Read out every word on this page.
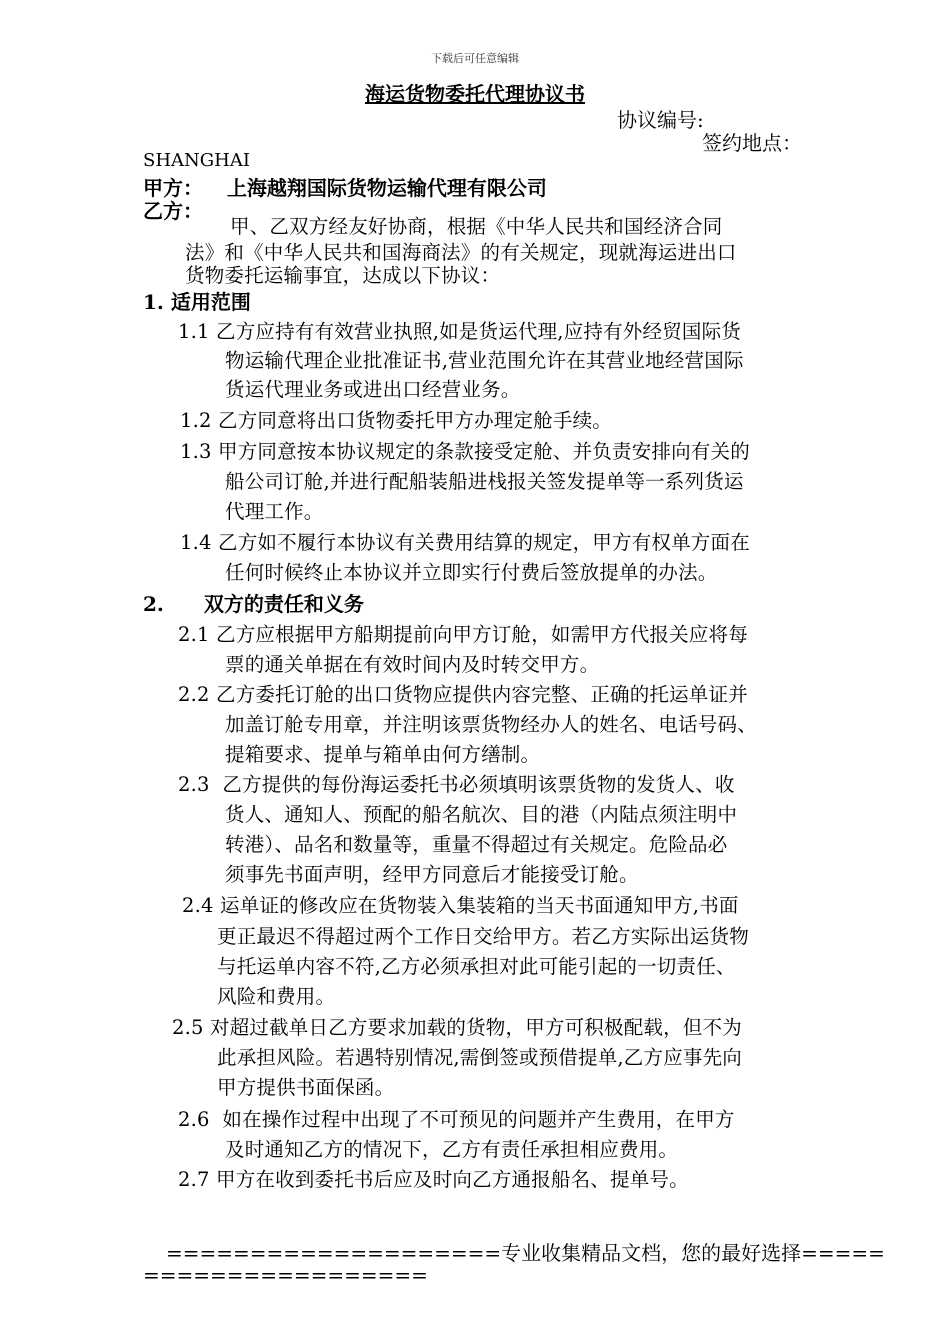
下载后可任意编辑
海运货物委托代理协议书
协议编号:
签约地点：
SHANGHAI
甲方： 上海越翔国际货物运输代理有限公司
乙方：
甲、乙双方经友好协商，根据《中华人民共和国经济合同
法》和《中华人民共和国海商法》的有关规定，现就海运进出口
货物委托运输事宜，达成以下协议：
1. 适用范围
1.1 乙方应持有有效营业执照,如是货运代理,应持有外经贸国际货
物运输代理企业批准证书,营业范围允许在其营业地经营国际
货运代理业务或进出口经营业务。
1.2 乙方同意将出口货物委托甲方办理定舱手续。
1.3 甲方同意按本协议规定的条款接受定舱、并负责安排向有关的
船公司订舱,并进行配船装船进栈报关签发提单等一系列货运
代理工作。
1.4 乙方如不履行本协议有关费用结算的规定，甲方有权单方面在
任何时候终止本协议并立即实行付费后签放提单的办法。
2.　　双方的责任和义务
2.1 乙方应根据甲方船期提前向甲方订舱，如需甲方代报关应将每
票的通关单据在有效时间内及时转交甲方。
2.2 乙方委托订舱的出口货物应提供内容完整、正确的托运单证并
加盖订舱专用章，并注明该票货物经办人的姓名、电话号码、
提箱要求、提单与箱单由何方缮制。
2.3  乙方提供的每份海运委托书必须填明该票货物的发货人、收
货人、通知人、预配的船名航次、目的港（内陆点须注明中
转港）、品名和数量等，重量不得超过有关规定。危险品必
须事先书面声明，经甲方同意后才能接受订舱。
2.4 运单证的修改应在货物装入集装箱的当天书面通知甲方,书面
更正最迟不得超过两个工作日交给甲方。若乙方实际出运货物
与托运单内容不符,乙方必须承担对此可能引起的一切责任、
风险和费用。
2.5 对超过截单日乙方要求加载的货物，甲方可积极配载，但不为
此承担风险。若遇特别情况,需倒签或预借提单,乙方应事先向
甲方提供书面保函。
2.6  如在操作过程中出现了不可预见的问题并产生费用，在甲方
及时通知乙方的情况下，乙方有责任承担相应费用。
2.7 甲方在收到委托书后应及时向乙方通报船名、提单号。
====================专业收集精品文档，您的最好选择=====
=================
